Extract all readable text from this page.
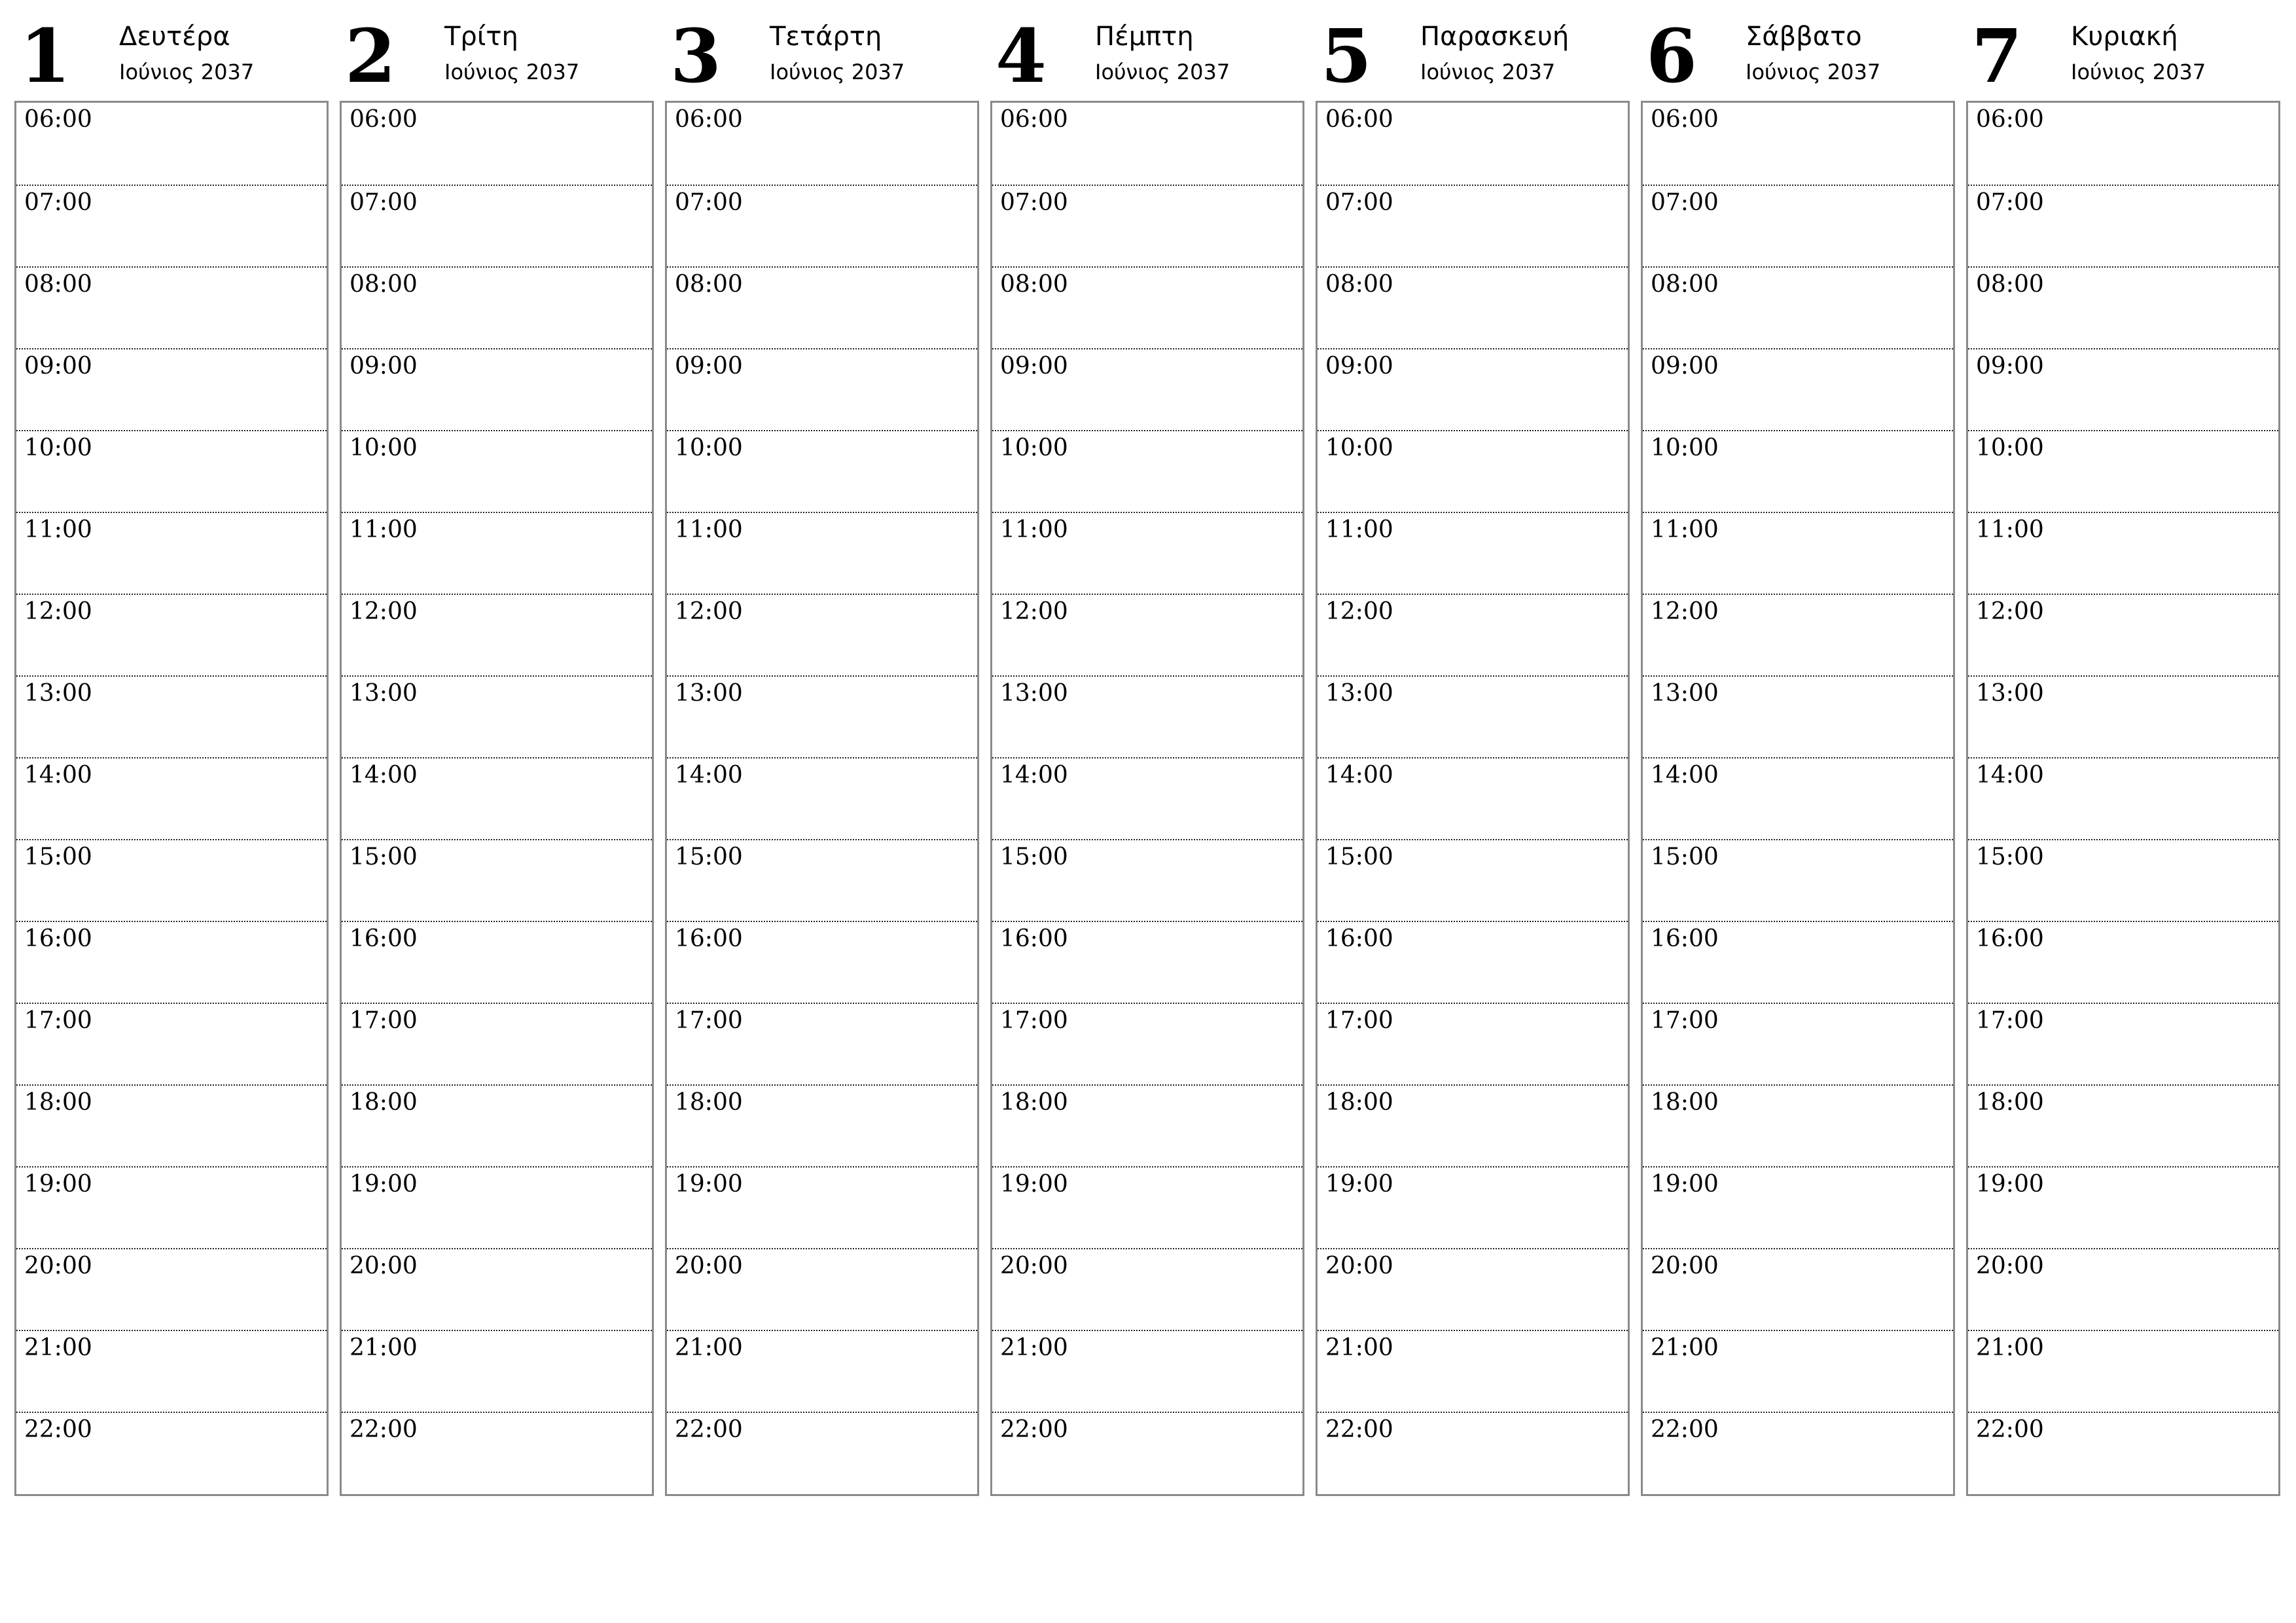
1 Δευτέρα
Ιούνιος 2037
06:00
07:00
08:00
09:00
10:00
11:00
12:00
13:00
14:00
15:00
16:00
17:00
18:00
19:00
20:00
21:00
22:00
2 Τρίτη
Ιούνιος 2037
06:00
07:00
08:00
09:00
10:00
11:00
12:00
13:00
14:00
15:00
16:00
17:00
18:00
19:00
20:00
21:00
22:00
3 Τετάρτη
Ιούνιος 2037
06:00
07:00
08:00
09:00
10:00
11:00
12:00
13:00
14:00
15:00
16:00
17:00
18:00
19:00
20:00
21:00
22:00
4 Πέμπτη
Ιούνιος 2037
06:00
07:00
08:00
09:00
10:00
11:00
12:00
13:00
14:00
15:00
16:00
17:00
18:00
19:00
20:00
21:00
22:00
5 Παρασκευή
Ιούνιος 2037
06:00
07:00
08:00
09:00
10:00
11:00
12:00
13:00
14:00
15:00
16:00
17:00
18:00
19:00
20:00
21:00
22:00
6 Σάββατο
Ιούνιος 2037
06:00
07:00
08:00
09:00
10:00
11:00
12:00
13:00
14:00
15:00
16:00
17:00
18:00
19:00
20:00
21:00
22:00
7 Κυριακή
Ιούνιος 2037
06:00
07:00
08:00
09:00
10:00
11:00
12:00
13:00
14:00
15:00
16:00
17:00
18:00
19:00
20:00
21:00
22:00
